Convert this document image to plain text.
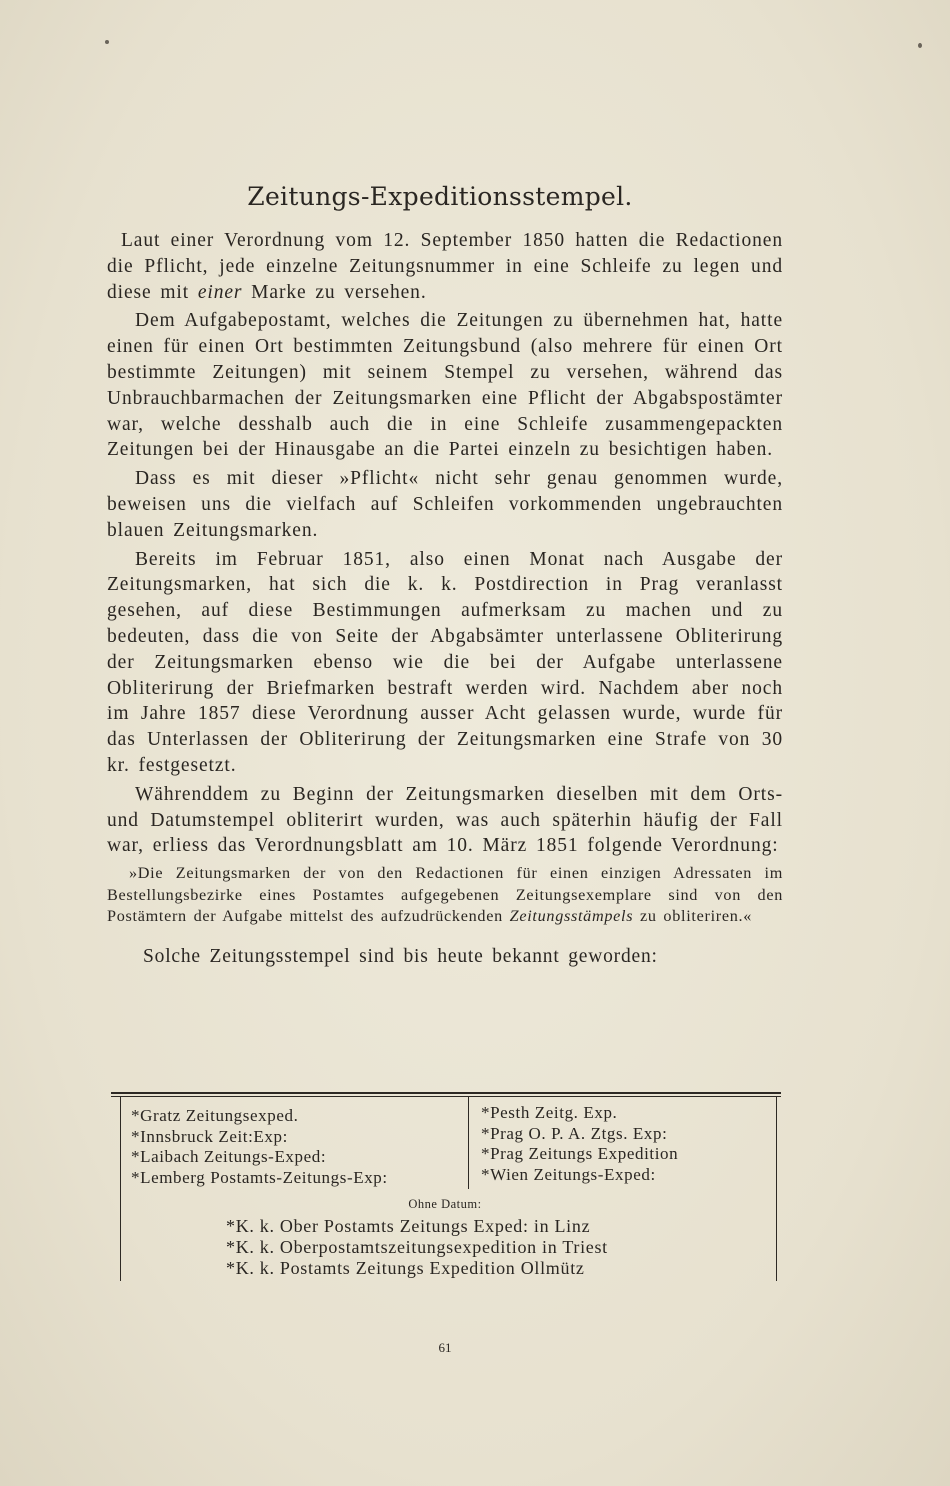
Zeitungs-Expeditionsstempel.

Laut einer Verordnung vom 12. September 1850 hatten die Redactionen die Pflicht, jede einzelne Zeitungsnummer in eine Schleife zu legen und diese mit einer Marke zu versehen.

Dem Aufgabepostamt, welches die Zeitungen zu übernehmen hat, hatte einen für einen Ort bestimmten Zeitungsbund (also mehrere für einen Ort bestimmte Zeitungen) mit seinem Stempel zu versehen, während das Unbrauchbarmachen der Zeitungsmarken eine Pflicht der Abgabspostämter war, welche desshalb auch die in eine Schleife zusammengepackten Zeitungen bei der Hinausgabe an die Partei einzeln zu besichtigen haben.

Dass es mit dieser »Pflicht« nicht sehr genau genommen wurde, beweisen uns die vielfach auf Schleifen vorkommenden ungebrauchten blauen Zeitungsmarken.

Bereits im Februar 1851, also einen Monat nach Ausgabe der Zeitungsmarken, hat sich die k. k. Postdirection in Prag veranlasst gesehen, auf diese Bestimmungen aufmerksam zu machen und zu bedeuten, dass die von Seite der Abgabsämter unterlassene Obliterirung der Zeitungsmarken ebenso wie die bei der Aufgabe unterlassene Obliterirung der Briefmarken bestraft werden wird. Nachdem aber noch im Jahre 1857 diese Verordnung ausser Acht gelassen wurde, wurde für das Unterlassen der Obliterirung der Zeitungsmarken eine Strafe von 30 kr. festgesetzt.

Währenddem zu Beginn der Zeitungsmarken dieselben mit dem Orts- und Datumstempel obliterirt wurden, was auch späterhin häufig der Fall war, erliess das Verordnungsblatt am 10. März 1851 folgende Verordnung:

»Die Zeitungsmarken der von den Redactionen für einen einzigen Adressaten im Bestellungsbezirke eines Postamtes aufgegebenen Zeitungsexemplare sind von den Postämtern der Aufgabe mittelst des aufzudrückenden Zeitungsstämpels zu obliteriren.«

Solche Zeitungsstempel sind bis heute bekannt geworden:

*Gratz Zeitungsexped.
*Innsbruck Zeit:Exp:
*Laibach Zeitungs-Exped:
*Lemberg Postamts-Zeitungs-Exp:
*Pesth Zeitg. Exp.
*Prag O. P. A. Ztgs. Exp:
*Prag Zeitungs Expedition
*Wien Zeitungs-Exped:
Ohne Datum:
*K. k. Ober Postamts Zeitungs Exped: in Linz
*K. k. Oberpostamtszeitungsexpedition in Triest
*K. k. Postamts Zeitungs Expedition Ollmütz
61
